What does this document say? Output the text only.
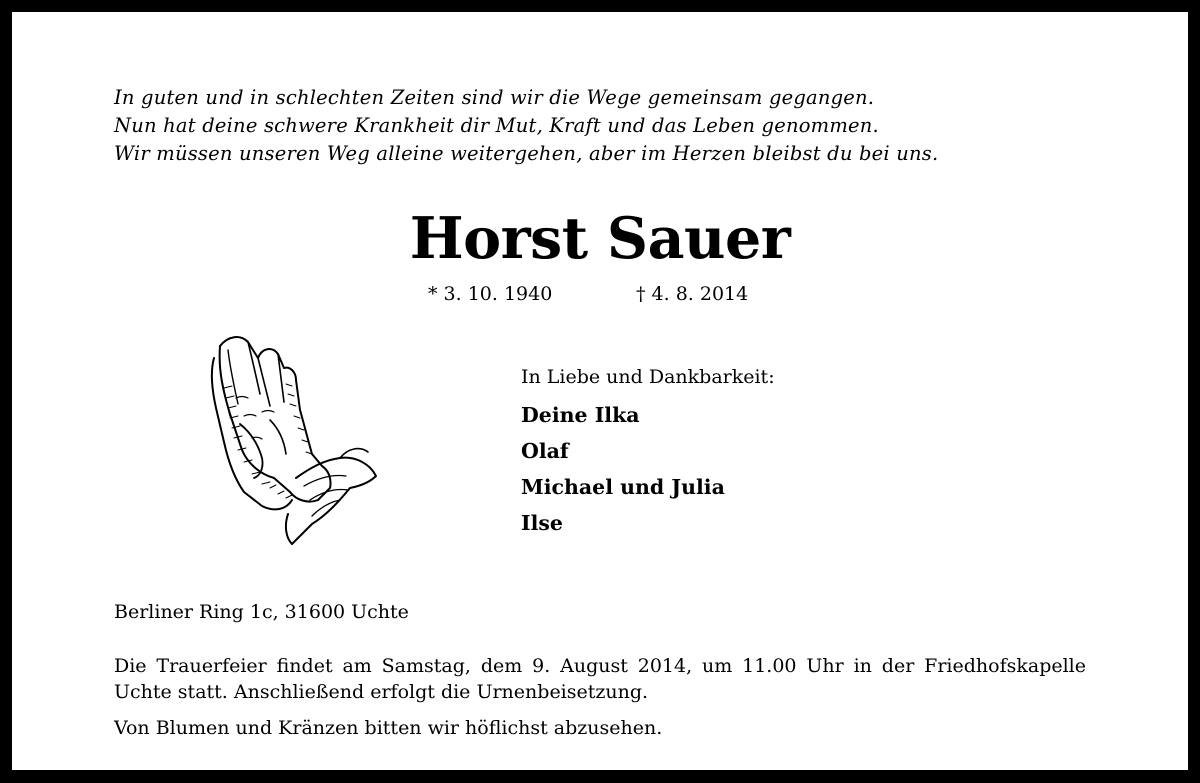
In guten und in schlechten Zeiten sind wir die Wege gemeinsam gegangen.
Nun hat deine schwere Krankheit dir Mut, Kraft und das Leben genommen.
Wir müssen unseren Weg alleine weitergehen, aber im Herzen bleibst du bei uns.
Horst Sauer
* 3. 10. 1940	† 4. 8. 2014
In Liebe und Dankbarkeit:
Deine Ilka
Olaf
Michael und Julia
Ilse
Berliner Ring 1c, 31600 Uchte
Die Trauerfeier findet am Samstag, dem 9. August 2014, um 11.00 Uhr in der Friedhofskapelle Uchte statt. Anschließend erfolgt die Urnenbeisetzung.
Von Blumen und Kränzen bitten wir höflichst abzusehen.
